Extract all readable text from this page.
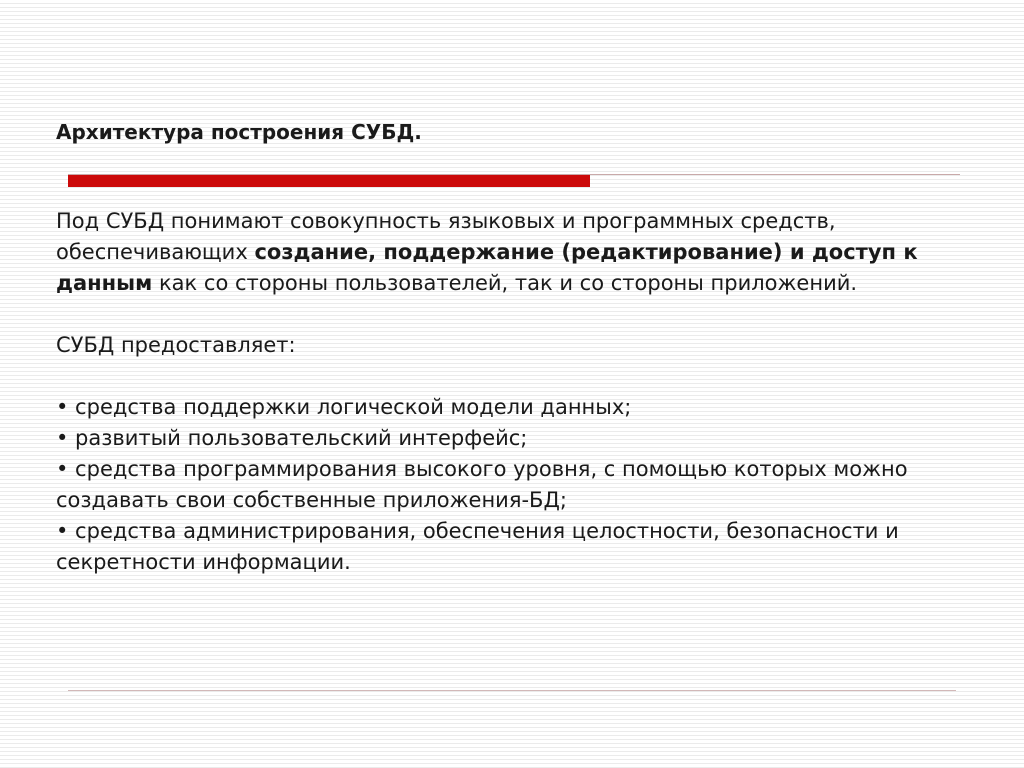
Архитектура построения СУБД.

Под СУБД понимают совокупность языковых и программных средств, обеспечивающих создание, поддержание (редактирование) и доступ к данным как со стороны пользователей, так и со стороны приложений.

СУБД предоставляет:

• средства поддержки логической модели данных;

• развитый пользовательский интерфейс;

• средства программирования высокого уровня, с помощью которых можно создавать свои собственные приложения-БД;

• средства администрирования, обеспечения целостности, безопасности и секретности информации.
